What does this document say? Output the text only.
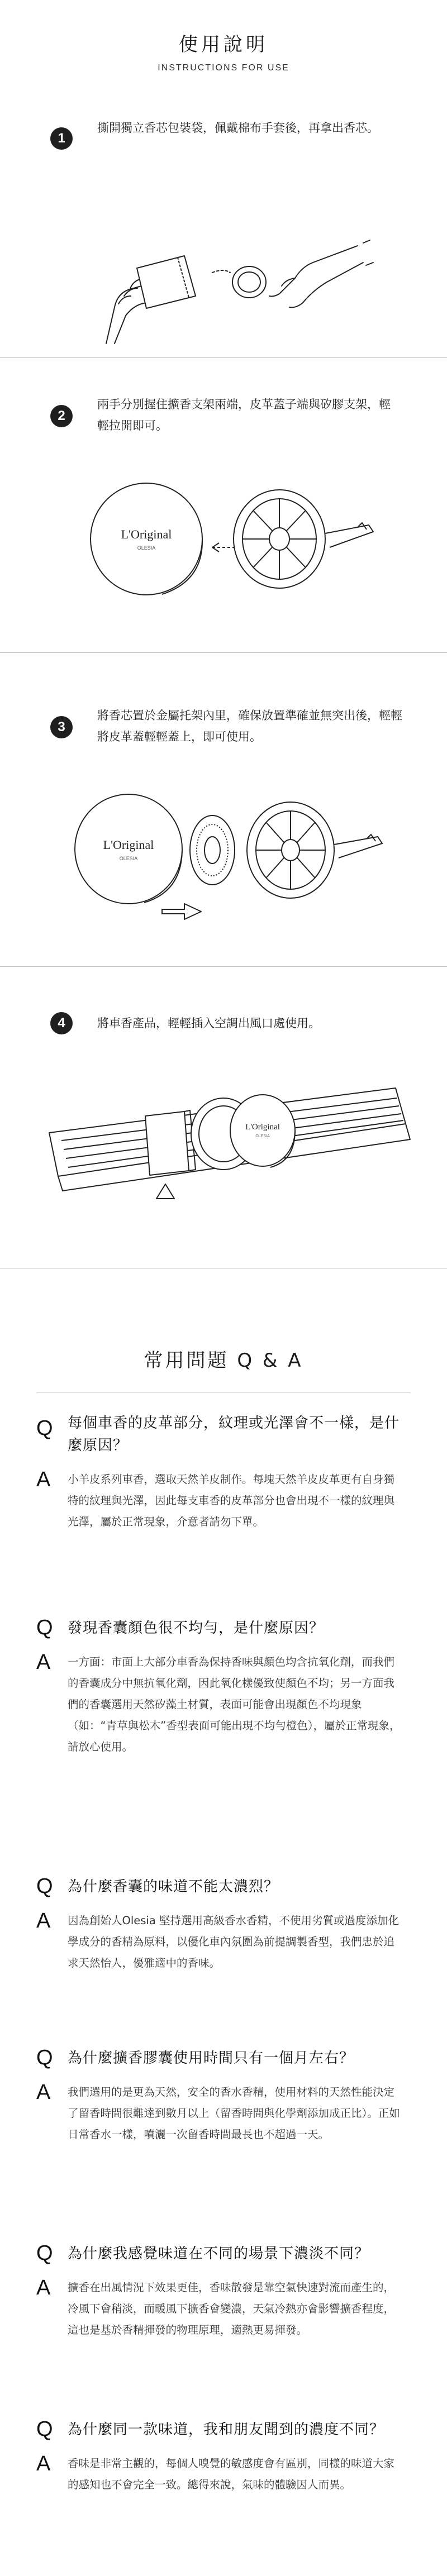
使用說明
INSTRUCTIONS FOR USE
1
撕開獨立香芯包裝袋，佩戴棉布手套後，再拿出香芯。
2
兩手分別握住擴香支架兩端，皮革蓋子端與矽膠支架，輕輕拉開即可。
L'Original
OLESIA
3
將香芯置於金屬托架內里，確保放置準確並無突出後，輕輕將皮革蓋輕輕蓋上，即可使用。
L'Original
OLESIA
4	將車香產品，輕輕插入空調出風口處使用。
L'Original
OLESIA
常用問題 Q & A
Q	每個車香的皮革部分，紋理或光澤會不一樣，是什麼原因？
A	小羊皮系列車香，選取天然羊皮制作。每塊天然羊皮皮革更有自身獨特的紋理與光澤，因此每支車香的皮革部分也會出現不一樣的紋理與光澤，屬於正常現象，介意者請勿下單。
Q	發現香囊顏色很不均勻，是什麼原因？
A	一方面：市面上大部分車香為保持香味與顏色均含抗氧化劑，而我們的香囊成分中無抗氧化劑，因此氧化樣優致使顏色不均；另一方面我們的香囊選用天然矽藻土材質，表面可能會出現顏色不均現象（如：“青草與松木”香型表面可能出現不均勻橙色），屬於正常現象，請放心使用。
Q	為什麼香囊的味道不能太濃烈？
A	因為創始人Olesia 堅持選用高級香水香精，不使用劣質或過度添加化學成分的香精為原料，以優化車內氛圍為前提調製香型，我們忠於追求天然怡人，優雅適中的香味。
Q	為什麼擴香膠囊使用時間只有一個月左右？
A	我們選用的是更為天然，安全的香水香精，使用材料的天然性能決定了留香時間很難達到數月以上（留香時間與化學劑添加成正比）。正如日常香水一樣，噴灑一次留香時間最長也不超過一天。
Q	為什麼我感覺味道在不同的場景下濃淡不同？
A	擴香在出風情況下效果更佳，香味散發是靠空氣快速對流而產生的，冷風下會稍淡，而暖風下擴香會變濃，天氣冷熱亦會影響擴香程度，這也是基於香精揮發的物理原理，適熱更易揮發。
Q	為什麼同一款味道，我和朋友聞到的濃度不同？
A	香味是非常主觀的，每個人嗅覺的敏感度會有區別，同樣的味道大家的感知也不會完全一致。總得來說，氣味的體驗因人而異。
